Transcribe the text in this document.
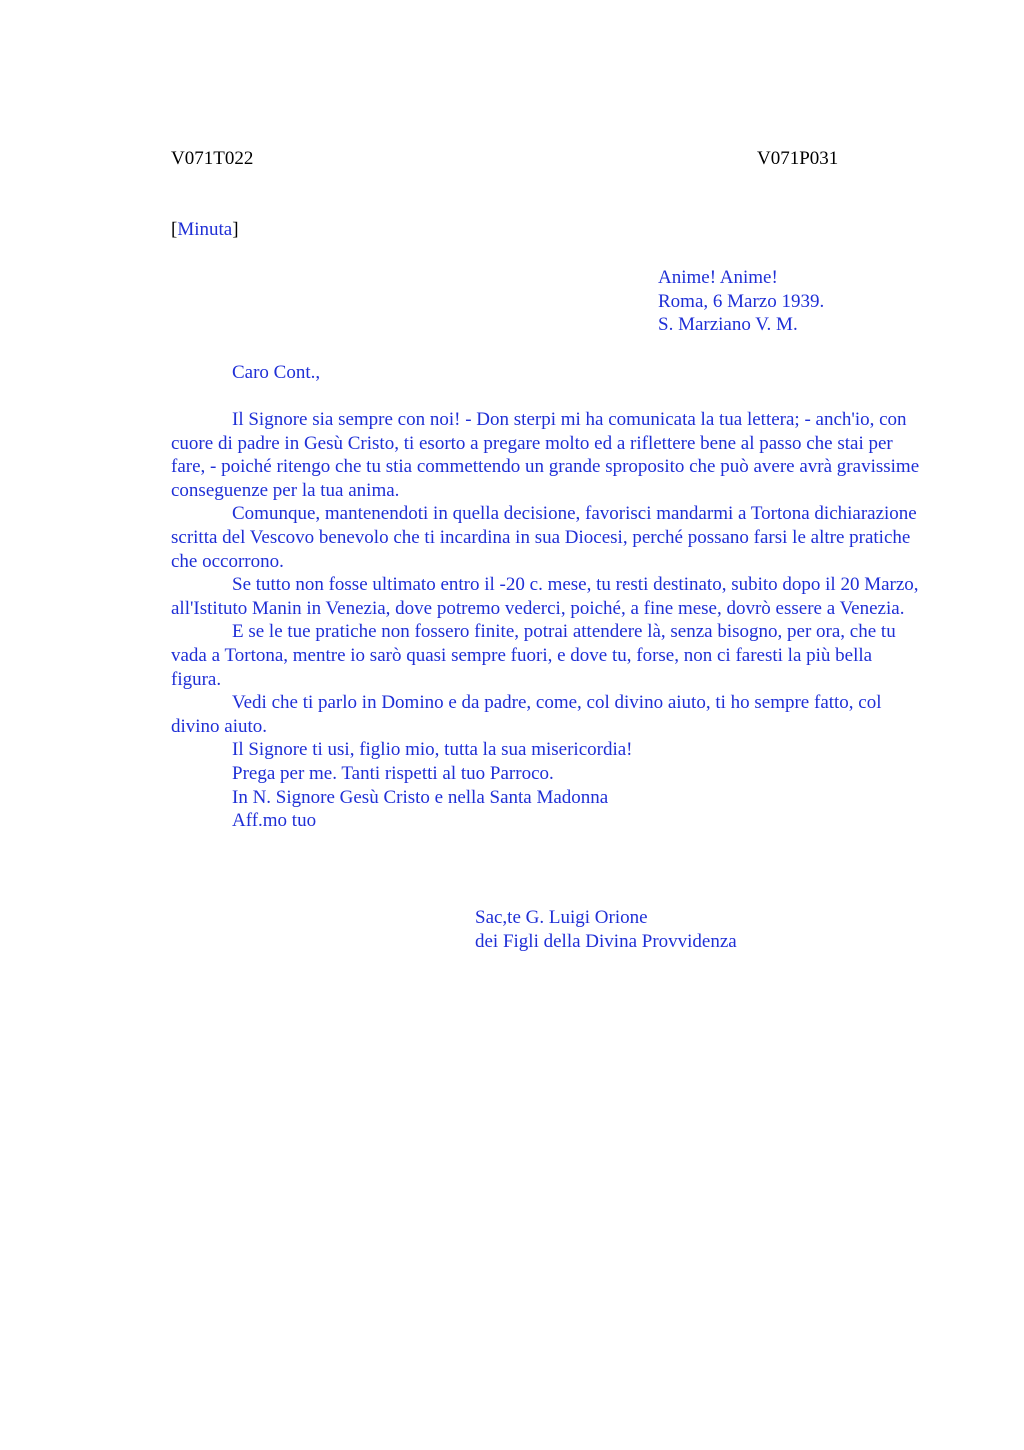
V071T022	V071P031
[Minuta]
Anime! Anime!
Roma, 6 Marzo 1939.
S. Marziano V. M.
Caro Cont.,

Il Signore sia sempre con noi! - Don sterpi mi ha comunicata la tua lettera; - anch'io, con cuore di padre in Gesù Cristo, ti esorto a pregare molto ed a riflettere bene al passo che stai per fare, - poiché ritengo che tu stia commettendo un grande sproposito che può avere avrà gravissime conseguenze per la tua anima.

Comunque, mantenendoti in quella decisione, favorisci mandarmi a Tortona dichiarazione scritta del Vescovo benevolo che ti incardina in sua Diocesi, perché possano farsi le altre pratiche che occorrono.

Se tutto non fosse ultimato entro il -20 c. mese, tu resti destinato, subito dopo il 20 Marzo, all'Istituto Manin in Venezia, dove potremo vederci, poiché, a fine mese, dovrò essere a Venezia.

E se le tue pratiche non fossero finite, potrai attendere là, senza bisogno, per ora, che tu vada a Tortona, mentre io sarò quasi sempre fuori, e dove tu, forse, non ci faresti la più bella figura.

Vedi che ti parlo in Domino e da padre, come, col divino aiuto, ti ho sempre fatto, col divino aiuto.

Il Signore ti usi, figlio mio, tutta la sua misericordia!
Prega per me. Tanti rispetti al tuo Parroco.
In N. Signore Gesù Cristo e nella Santa Madonna
Aff.mo tuo
Sac,te G. Luigi Orione
dei Figli della Divina Provvidenza
